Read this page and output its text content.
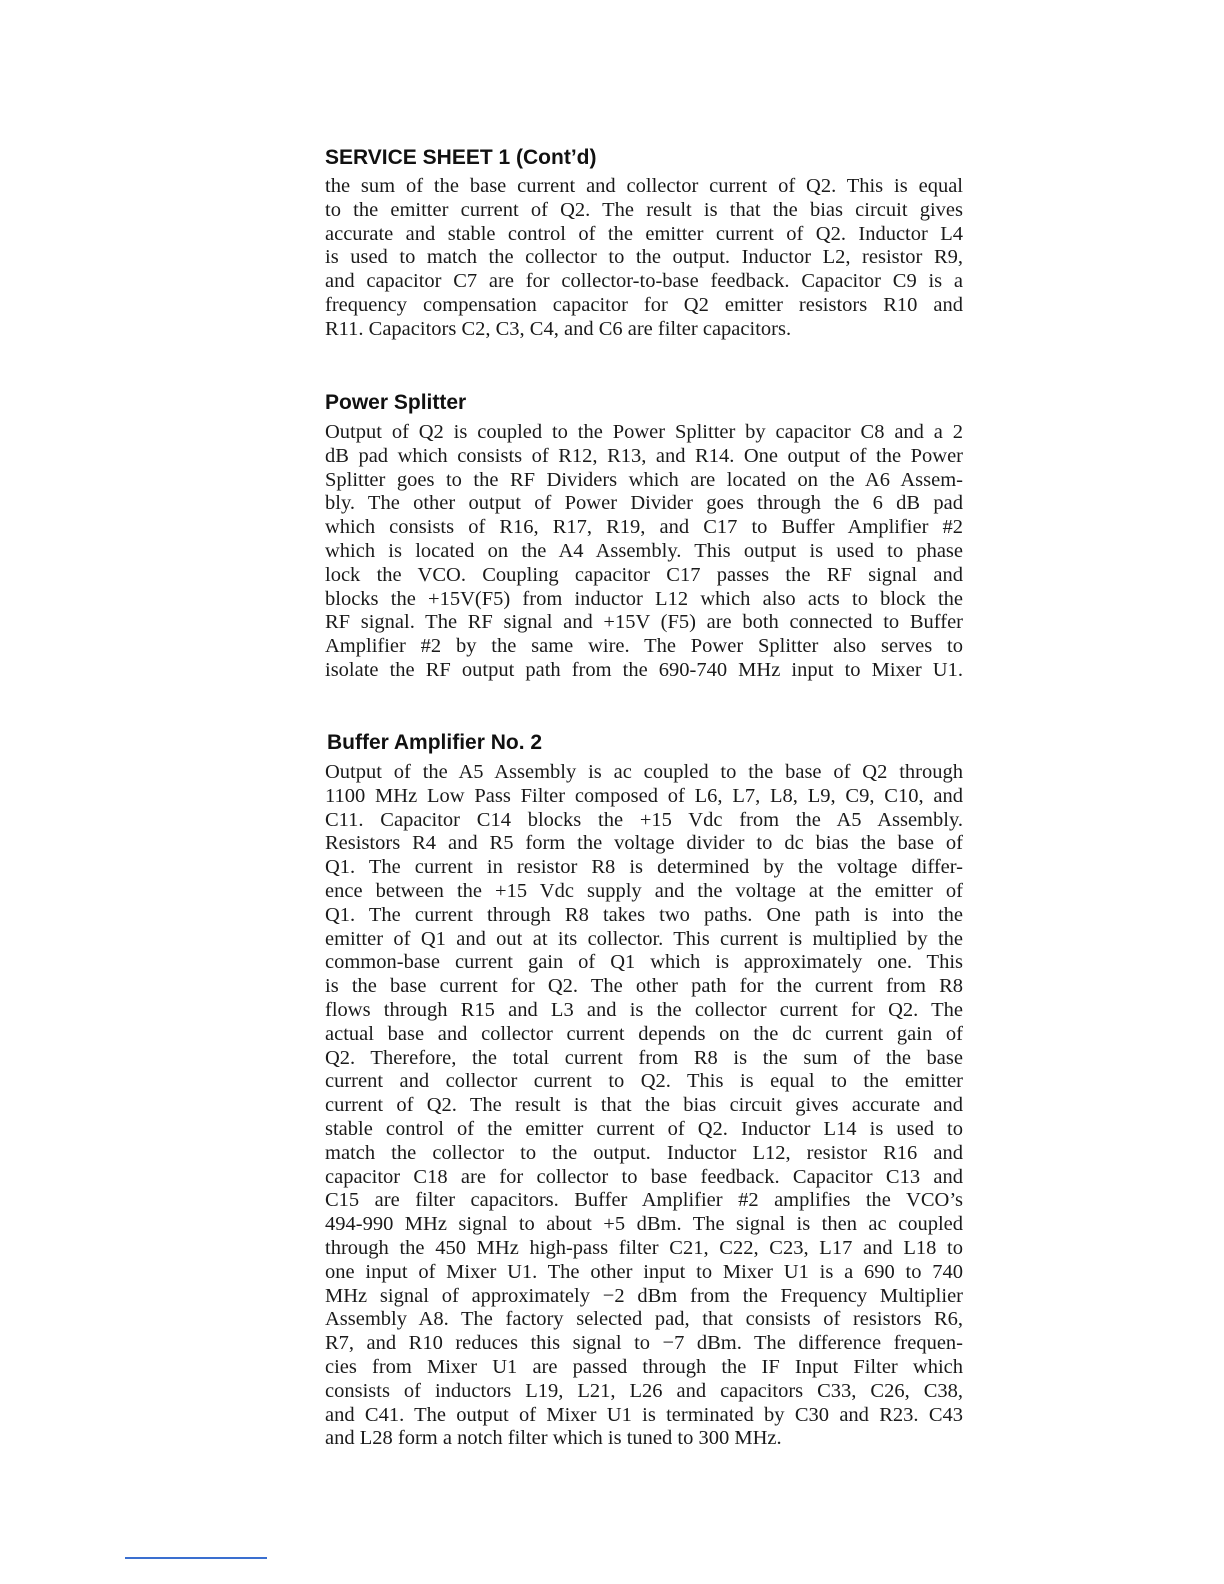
SERVICE SHEET 1 (Cont’d)
the sum of the base current and collector current of Q2. This is equal
to the emitter current of Q2. The result is that the bias circuit gives
accurate and stable control of the emitter current of Q2. Inductor L4
is used to match the collector to the output. Inductor L2, resistor R9,
and capacitor C7 are for collector-to-base feedback. Capacitor C9 is a
frequency compensation capacitor for Q2 emitter resistors R10 and
R11. Capacitors C2, C3, C4, and C6 are filter capacitors.
Power Splitter
Output of Q2 is coupled to the Power Splitter by capacitor C8 and a 2
dB pad which consists of R12, R13, and R14. One output of the Power
Splitter goes to the RF Dividers which are located on the A6 Assem-
bly. The other output of Power Divider goes through the 6 dB pad
which consists of R16, R17, R19, and C17 to Buffer Amplifier #2
which is located on the A4 Assembly. This output is used to phase
lock the VCO. Coupling capacitor C17 passes the RF signal and
blocks the +15V(F5) from inductor L12 which also acts to block the
RF signal. The RF signal and +15V (F5) are both connected to Buffer
Amplifier #2 by the same wire. The Power Splitter also serves to
isolate the RF output path from the 690-740 MHz input to Mixer U1.
Buffer Amplifier No. 2
Output of the A5 Assembly is ac coupled to the base of Q2 through
1100 MHz Low Pass Filter composed of L6, L7, L8, L9, C9, C10, and
C11. Capacitor C14 blocks the +15 Vdc from the A5 Assembly.
Resistors R4 and R5 form the voltage divider to dc bias the base of
Q1. The current in resistor R8 is determined by the voltage differ-
ence between the +15 Vdc supply and the voltage at the emitter of
Q1. The current through R8 takes two paths. One path is into the
emitter of Q1 and out at its collector. This current is multiplied by the
common-base current gain of Q1 which is approximately one. This
is the base current for Q2. The other path for the current from R8
flows through R15 and L3 and is the collector current for Q2. The
actual base and collector current depends on the dc current gain of
Q2. Therefore, the total current from R8 is the sum of the base
current and collector current to Q2. This is equal to the emitter
current of Q2. The result is that the bias circuit gives accurate and
stable control of the emitter current of Q2. Inductor L14 is used to
match the collector to the output. Inductor L12, resistor R16 and
capacitor C18 are for collector to base feedback. Capacitor C13 and
C15 are filter capacitors. Buffer Amplifier #2 amplifies the VCO’s
494-990 MHz signal to about +5 dBm. The signal is then ac coupled
through the 450 MHz high-pass filter C21, C22, C23, L17 and L18 to
one input of Mixer U1. The other input to Mixer U1 is a 690 to 740
MHz signal of approximately −2 dBm from the Frequency Multiplier
Assembly A8. The factory selected pad, that consists of resistors R6,
R7, and R10 reduces this signal to −7 dBm. The difference frequen-
cies from Mixer U1 are passed through the IF Input Filter which
consists of inductors L19, L21, L26 and capacitors C33, C26, C38,
and C41. The output of Mixer U1 is terminated by C30 and R23. C43
and L28 form a notch filter which is tuned to 300 MHz.
